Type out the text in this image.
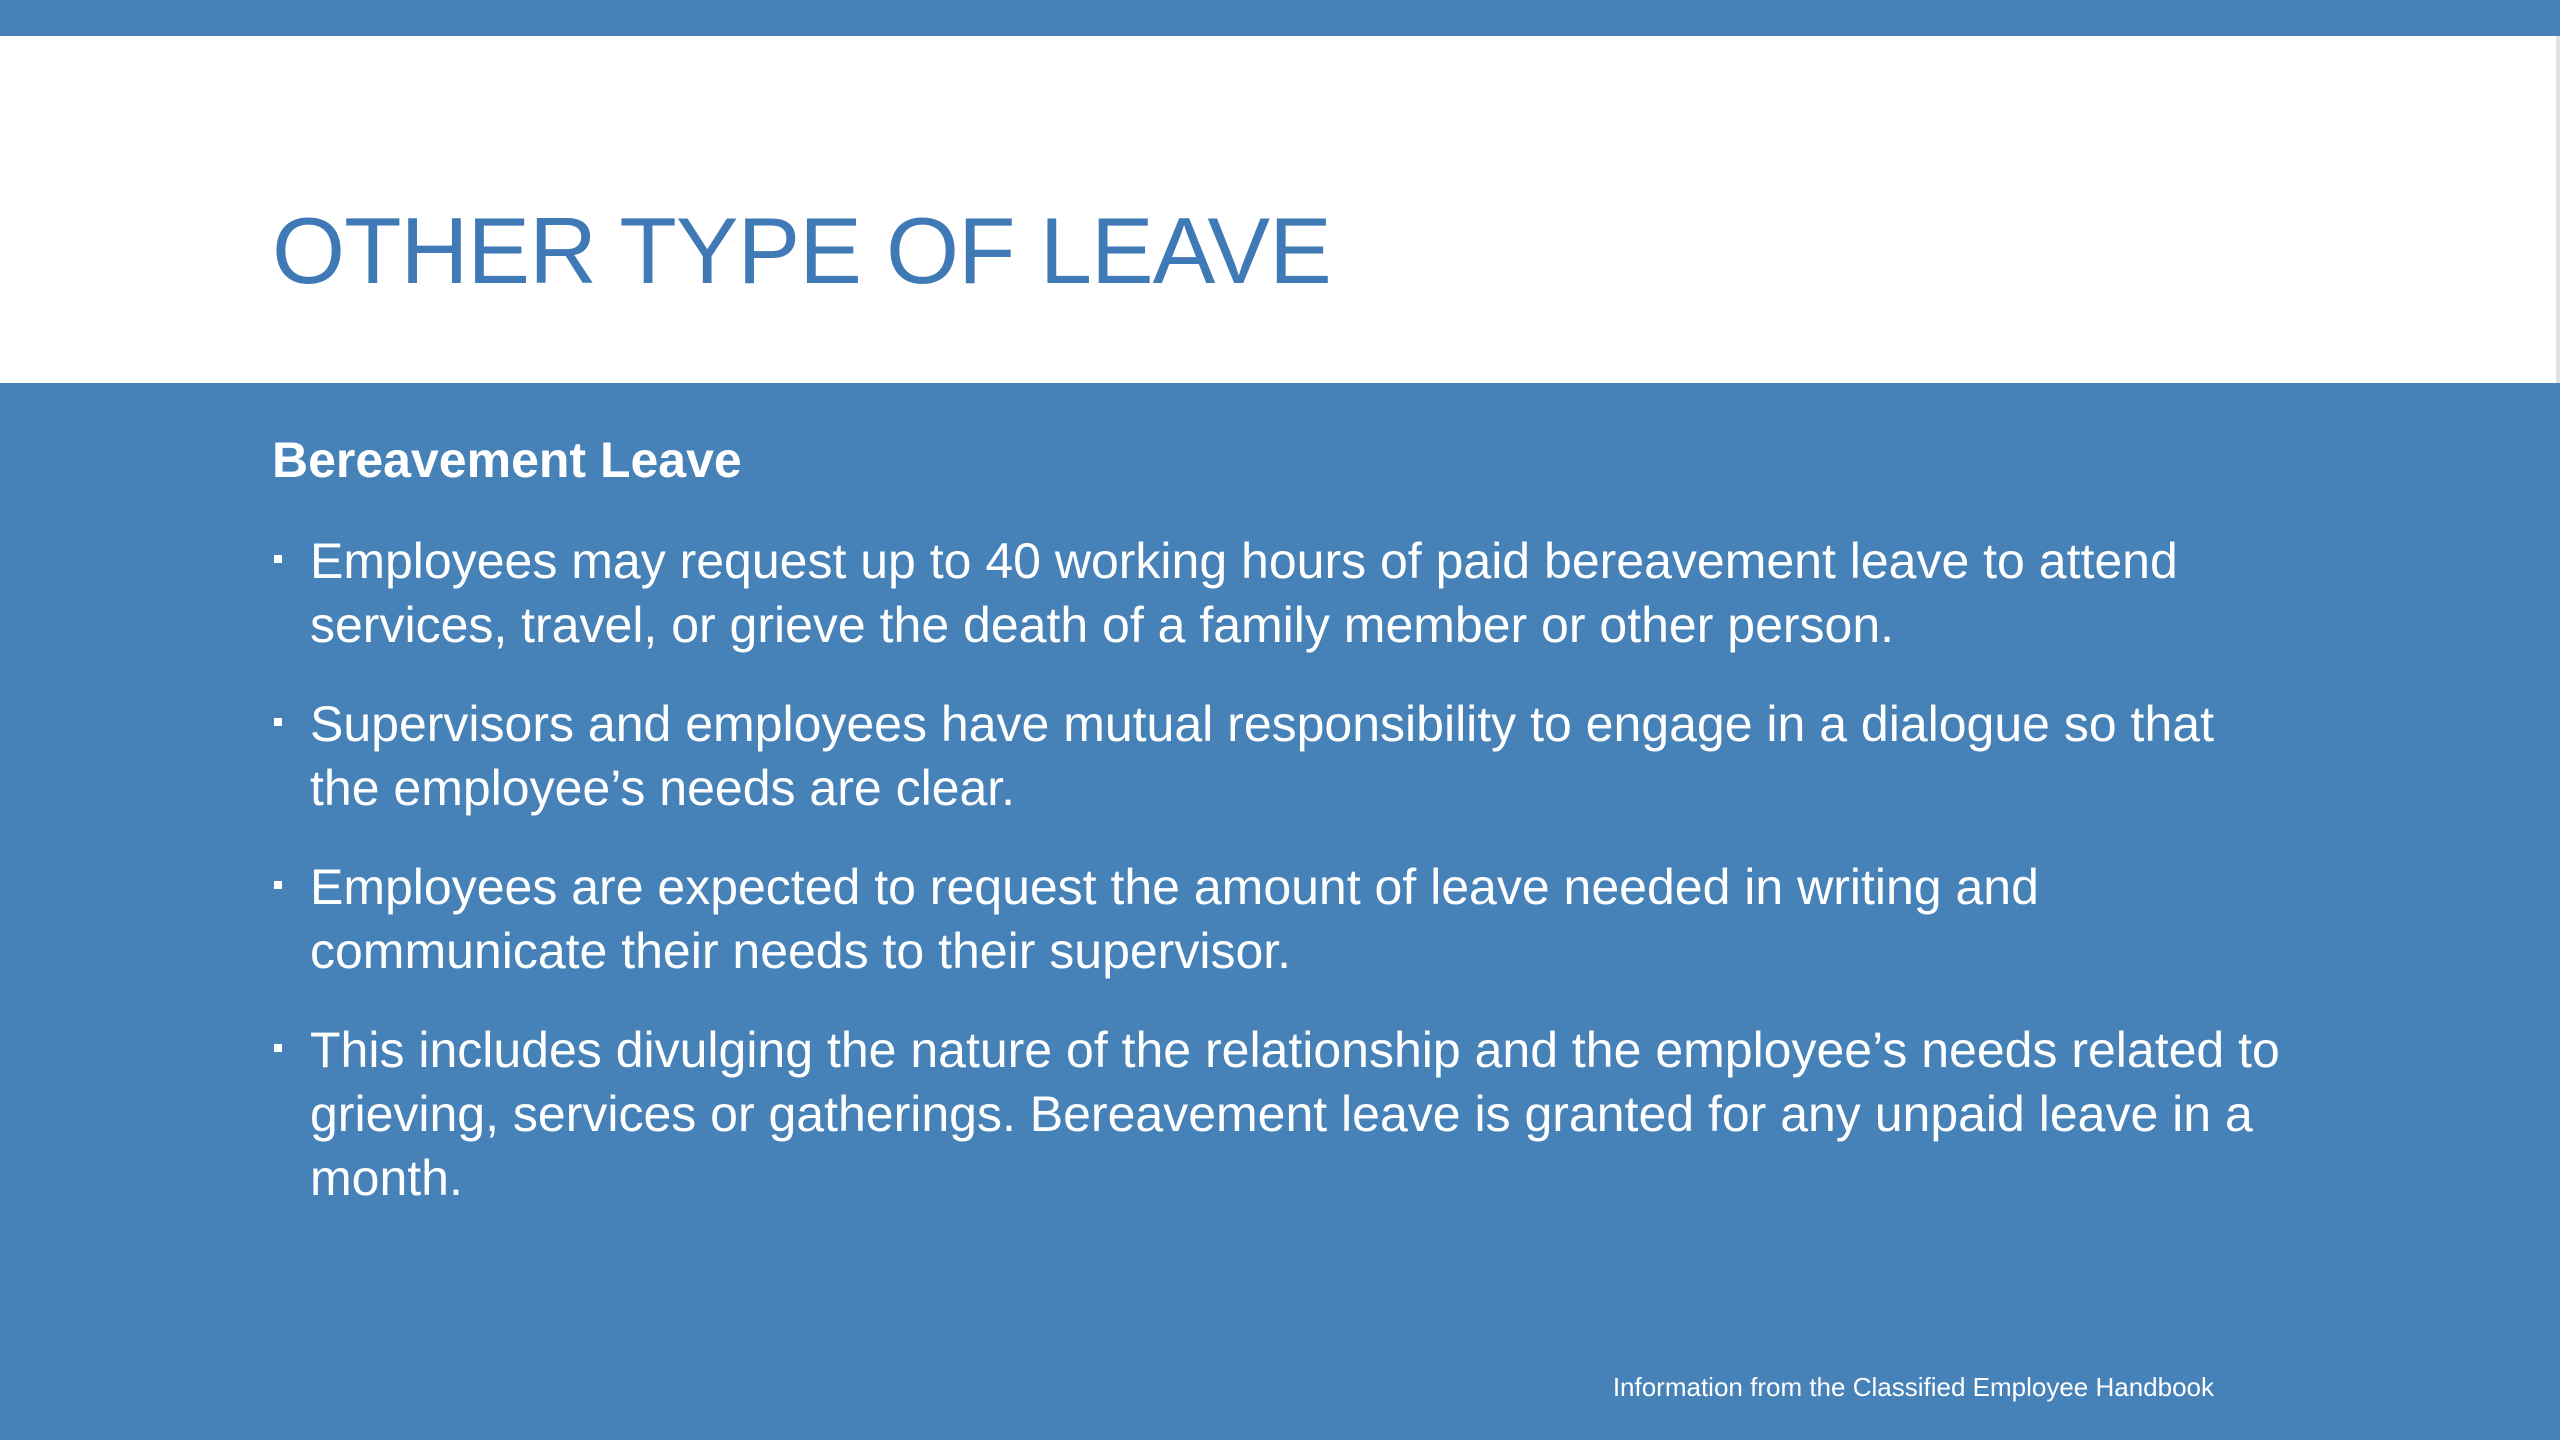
OTHER TYPE OF LEAVE
Bereavement Leave
Employees may request up to 40 working hours of paid bereavement leave to attend services, travel, or grieve the death of a family member or other person.
Supervisors and employees have mutual responsibility to engage in a dialogue so that the employee’s needs are clear.
Employees are expected to request the amount of leave needed in writing and communicate their needs to their supervisor.
This includes divulging the nature of the relationship and the employee’s needs related to grieving, services or gatherings. Bereavement leave is granted for any unpaid leave in a month.
Information from the Classified Employee Handbook
